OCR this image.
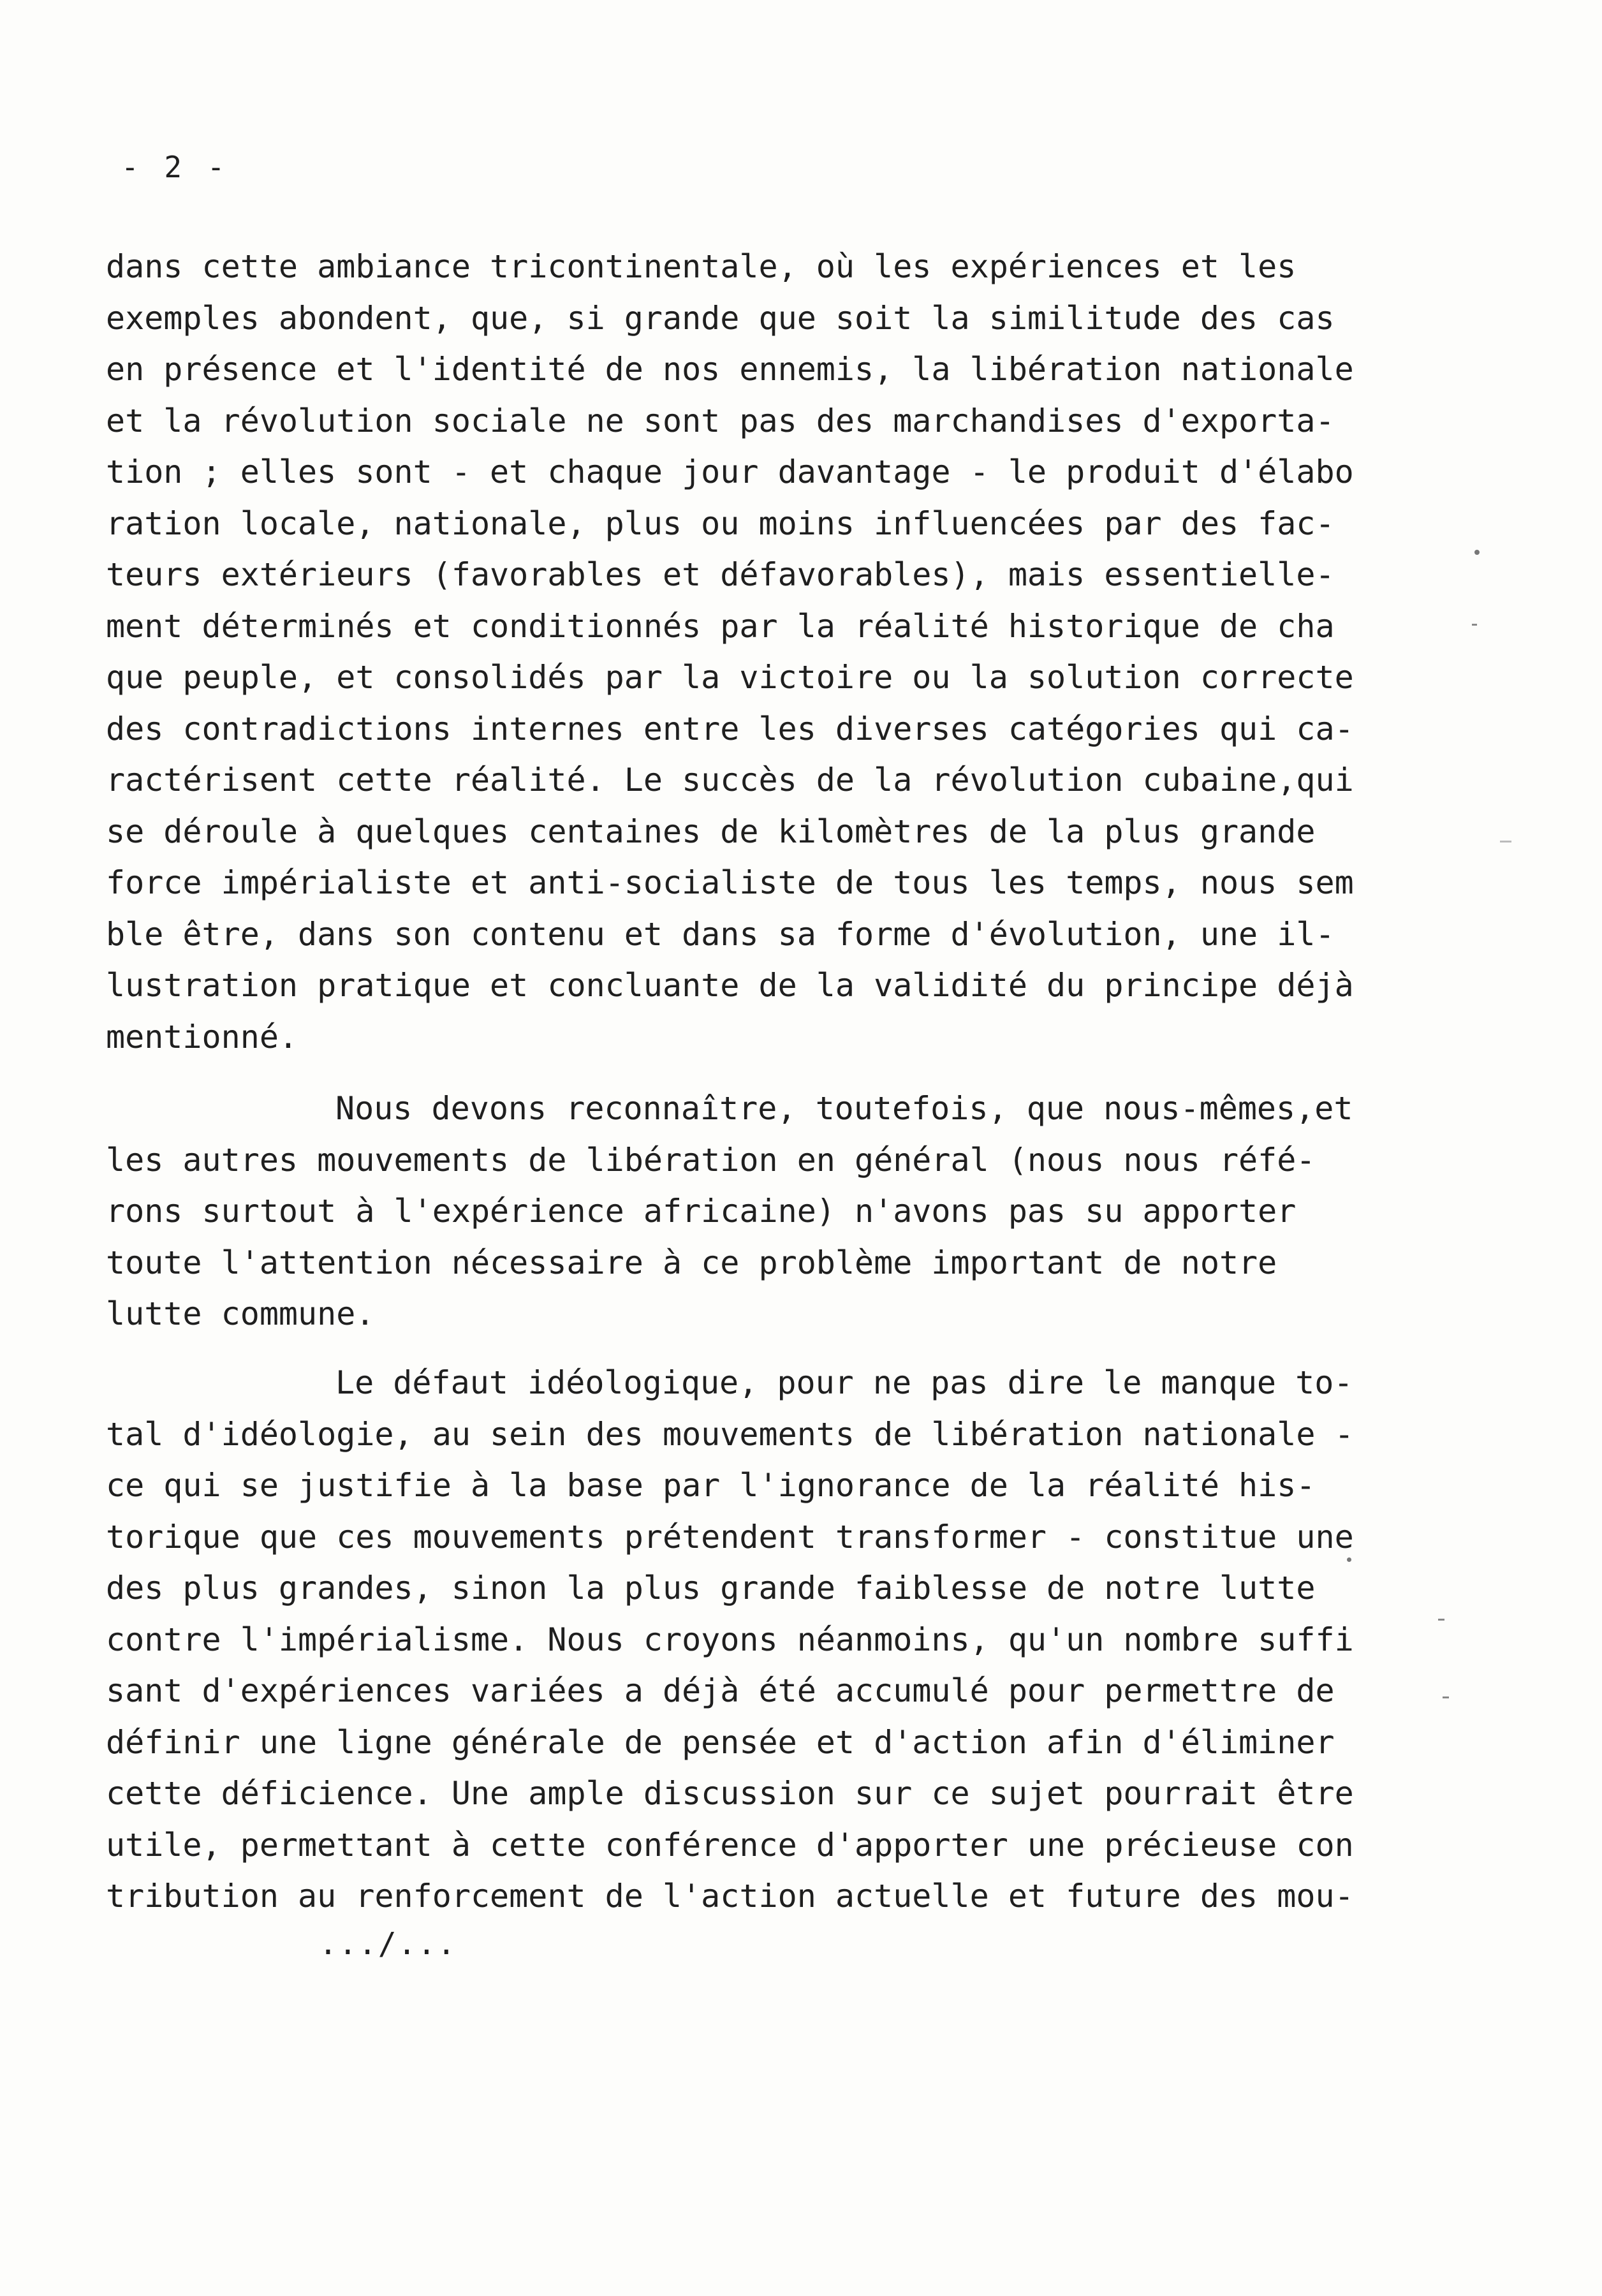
- 2 -
dans cette ambiance tricontinentale, où les expériences et les
exemples abondent, que, si grande que soit la similitude des cas
en présence et l'identité de nos ennemis, la libération nationale
et la révolution sociale ne sont pas des marchandises d'exporta-
tion ; elles sont - et chaque jour davantage - le produit d'élabo
ration locale, nationale, plus ou moins influencées par des fac-
teurs extérieurs (favorables et défavorables), mais essentielle-
ment déterminés et conditionnés par la réalité historique de cha
que peuple, et consolidés par la victoire ou la solution correcte
des contradictions internes entre les diverses catégories qui ca-
ractérisent cette réalité. Le succès de la révolution cubaine,qui
se déroule à quelques centaines de kilomètres de la plus grande
force impérialiste et anti-socialiste de tous les temps, nous sem
ble être, dans son contenu et dans sa forme d'évolution, une il-
lustration pratique et concluante de la validité du principe déjà
mentionné.
Nous devons reconnaître, toutefois, que nous-mêmes,et
les autres mouvements de libération en général (nous nous réfé-
rons surtout à l'expérience africaine) n'avons pas su apporter
toute l'attention nécessaire à ce problème important de notre
lutte commune.
Le défaut idéologique, pour ne pas dire le manque to-
tal d'idéologie, au sein des mouvements de libération nationale -
ce qui se justifie à la base par l'ignorance de la réalité his-
torique que ces mouvements prétendent transformer - constitue une
des plus grandes, sinon la plus grande faiblesse de notre lutte
contre l'impérialisme. Nous croyons néanmoins, qu'un nombre suffi
sant d'expériences variées a déjà été accumulé pour permettre de
définir une ligne générale de pensée et d'action afin d'éliminer
cette déficience. Une ample discussion sur ce sujet pourrait être
utile, permettant à cette conférence d'apporter une précieuse con
tribution au renforcement de l'action actuelle et future des mou-
.../...
